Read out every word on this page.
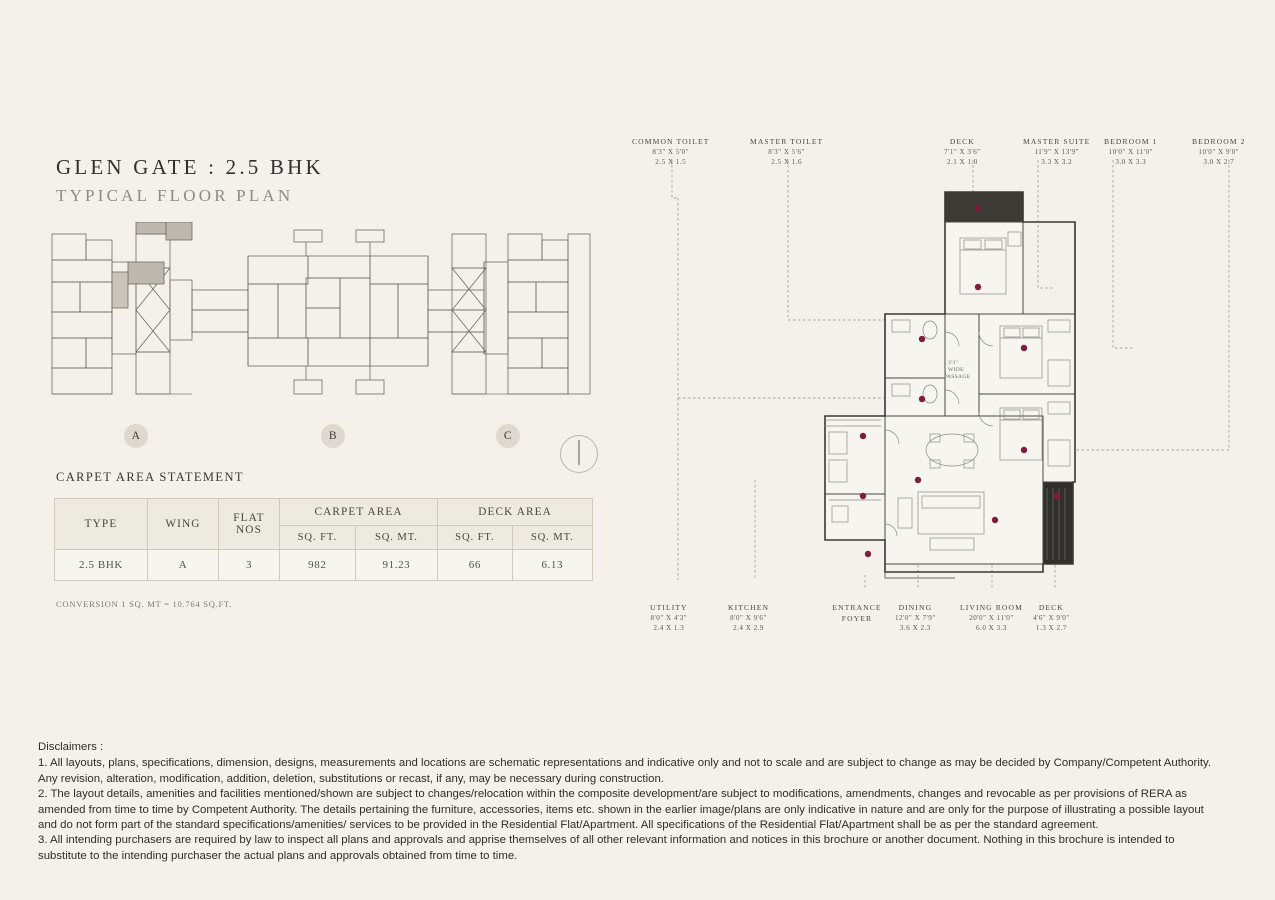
GLEN GATE : 2.5 BHK
TYPICAL FLOOR PLAN
A	B	C
CARPET AREA STATEMENT
TYPE	WING	FLAT NOS	CARPET AREA		DECK AREA	
			SQ. FT.	SQ. MT.	SQ. FT.	SQ. MT.
2.5 BHK	A	3	982	91.23	66	6.13
CONVERSION 1 SQ. MT = 10.764 SQ.FT.
3'3"
WIDE
PASSAGE
COMMON TOILET
8'3" X 5'0"
2.5 X 1.5
MASTER TOILET
8'3" X 5'6"
2.5 X 1.6
DECK
7'1" X 3'6"
2.1 X 1.0
MASTER SUITE
11'9" X 13'9"
3.3 X 3.2
BEDROOM 1
10'0" X 11'0"
3.0 X 3.3
BEDROOM 2
10'0" X 9'0"
3.0 X 2.7
UTILITY
8'0" X 4'3"
2.4 X 1.3
KITCHEN
8'0" X 9'6"
2.4 X 2.9
ENTRANCE FOYER
DINING
12'0" X 7'9"
3.6 X 2.3
LIVING ROOM
20'0" X 11'0"
6.0 X 3.3
DECK
4'6" X 9'0"
1.3 X 2.7
Disclaimers :

1. All layouts, plans, specifications, dimension, designs, measurements and locations are schematic representations and indicative only and not to scale and are subject to change as may be decided by Company/Competent Authority. Any revision, alteration, modification, addition, deletion, substitutions or recast, if any, may be necessary during construction.

2. The layout details, amenities and facilities mentioned/shown are subject to changes/relocation within the composite development/are subject to modifications, amendments, changes and revocable as per provisions of RERA as amended from time to time by Competent Authority. The details pertaining the furniture, accessories, items etc. shown in the earlier image/plans are only indicative in nature and are only for the purpose of illustrating a possible layout and do not form part of the standard specifications/amenities/ services to be provided in the Residential Flat/Apartment. All specifications of the Residential Flat/Apartment shall be as per the standard agreement.

3. All intending purchasers are required by law to inspect all plans and approvals and apprise themselves of all other relevant information and notices in this brochure or another document. Nothing in this brochure is intended to substitute to the intending purchaser the actual plans and approvals obtained from time to time.
